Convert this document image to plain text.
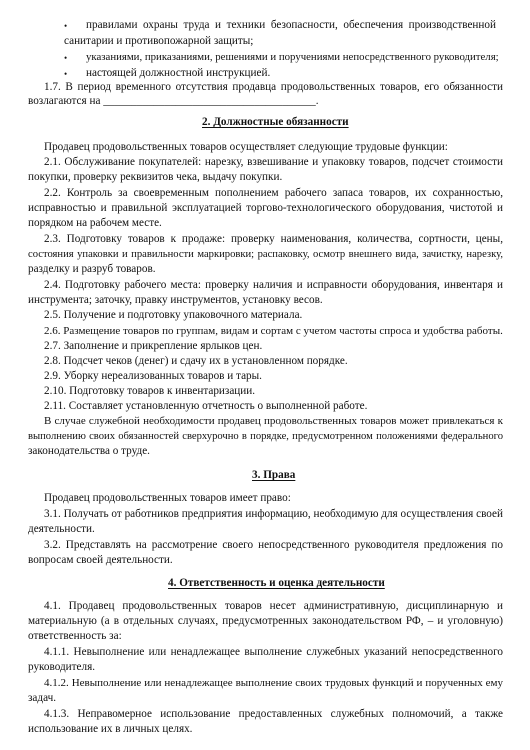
• правилами охраны труда и техники безопасности, обеспечения производственной
санитарии и противопожарной защиты;
• указаниями, приказаниями, решениями и поручениями непосредственного руководителя;
• настоящей должностной инструкцией.
1.7. В период временного отсутствия продавца продовольственных товаров, его обязанности
возлагаются на ______________________________________.
2. Должностные обязанности
Продавец продовольственных товаров осуществляет следующие трудовые функции:
2.1. Обслуживание покупателей: нарезку, взвешивание и упаковку товаров, подсчет стоимости
покупки, проверку реквизитов чека, выдачу покупки.
2.2. Контроль за своевременным пополнением рабочего запаса товаров, их сохранностью,
исправностью и правильной эксплуатацией торгово-технологического оборудования, чистотой и
порядком на рабочем месте.
2.3. Подготовку товаров к продаже: проверку наименования, количества, сортности, цены,
состояния упаковки и правильности маркировки; распаковку, осмотр внешнего вида, зачистку, нарезку,
разделку и разруб товаров.
2.4. Подготовку рабочего места: проверку наличия и исправности оборудования, инвентаря и
инструмента; заточку, правку инструментов, установку весов.
2.5. Получение и подготовку упаковочного материала.
2.6. Размещение товаров по группам, видам и сортам с учетом частоты спроса и удобства работы.
2.7. Заполнение и прикрепление ярлыков цен.
2.8. Подсчет чеков (денег) и сдачу их в установленном порядке.
2.9. Уборку нереализованных товаров и тары.
2.10. Подготовку товаров к инвентаризации.
2.11. Составляет установленную отчетность о выполненной работе.
В случае служебной необходимости продавец продовольственных товаров может привлекаться к
выполнению своих обязанностей сверхурочно в порядке, предусмотренном положениями федерального
законодательства о труде.
3. Права
Продавец продовольственных товаров имеет право:
3.1. Получать от работников предприятия информацию, необходимую для осуществления своей
деятельности.
3.2. Представлять на рассмотрение своего непосредственного руководителя предложения по
вопросам своей деятельности.
4. Ответственность и оценка деятельности
4.1. Продавец продовольственных товаров несет административную, дисциплинарную и
материальную (а в отдельных случаях, предусмотренных законодательством РФ, – и уголовную)
ответственность за:
4.1.1. Невыполнение или ненадлежащее выполнение служебных указаний непосредственного
руководителя.
4.1.2. Невыполнение или ненадлежащее выполнение своих трудовых функций и порученных ему
задач.
4.1.3. Неправомерное использование предоставленных служебных полномочий, а также
использование их в личных целях.
